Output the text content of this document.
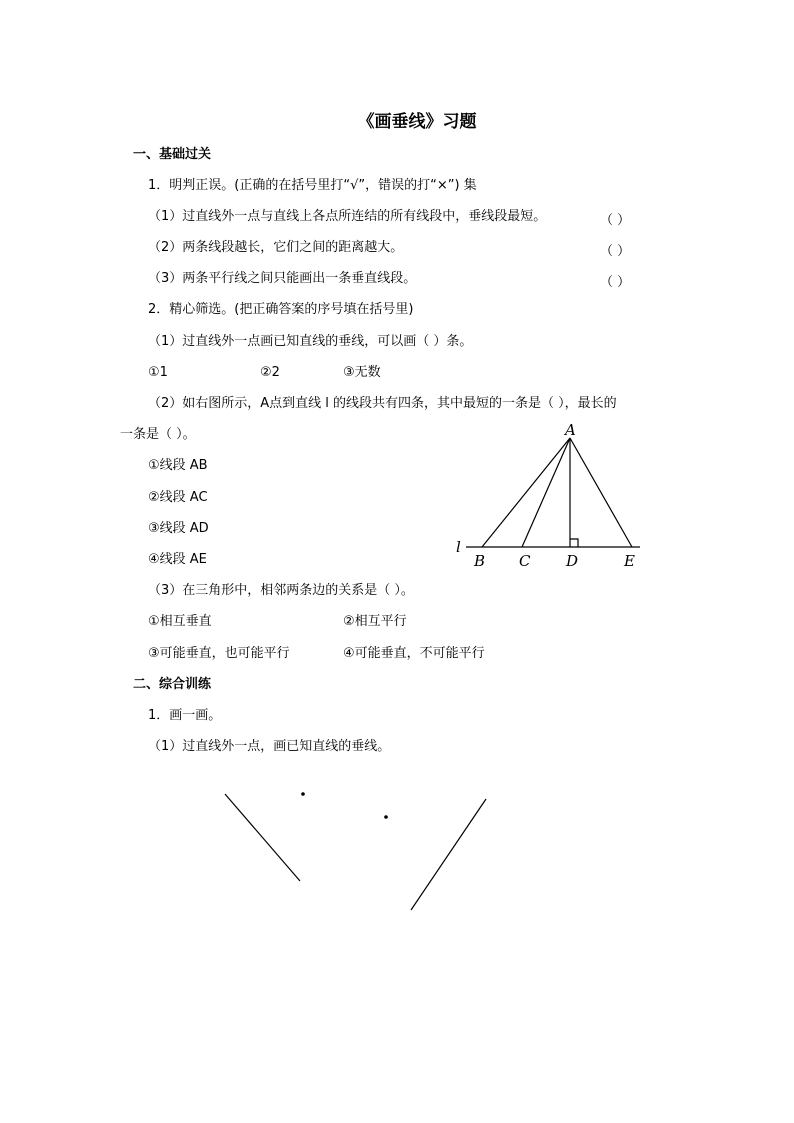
《画垂线》习题
一、基础过关
1．明判正误。(正确的在括号里打“√”，错误的打“×”) 集
（1）过直线外一点与直线上各点所连结的所有线段中，垂线段最短。	（ ）
（2）两条线段越长，它们之间的距离越大。	（ ）
（3）两条平行线之间只能画出一条垂直线段。	（ ）
2．精心筛选。(把正确答案的序号填在括号里)
（1）过直线外一点画已知直线的垂线，可以画（ ）条。
①1	②2	③无数
（2）如右图所示，A点到直线 l 的线段共有四条，其中最短的一条是（ ），最长的
一条是（ ）。
①线段 AB
②线段 AC
③线段 AD
④线段 AE
（3）在三角形中，相邻两条边的关系是（ ）。
①相互垂直	②相互平行
③可能垂直，也可能平行	④可能垂直，不可能平行
二、综合训练
1．画一画。
（1）过直线外一点，画已知直线的垂线。
A
l
B C D	E
